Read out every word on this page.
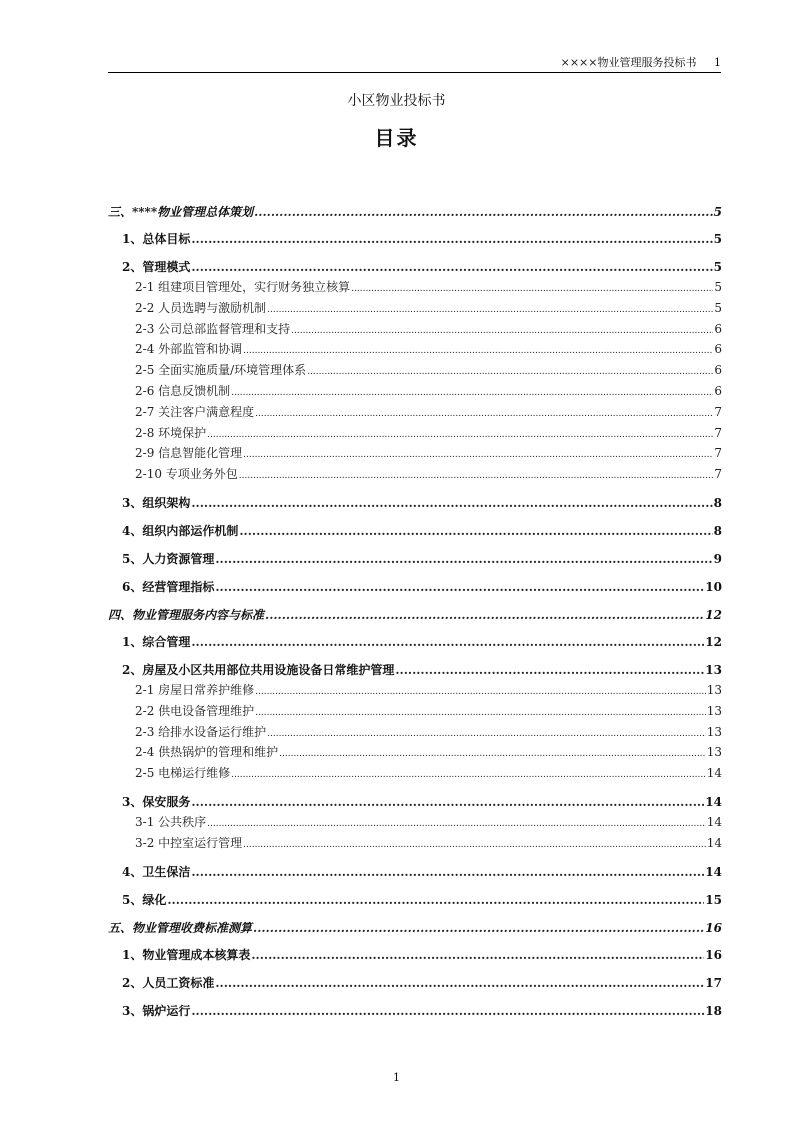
××××物业管理服务投标书 1
小区物业投标书
目录
三、****物业管理总体策划 .....	5
1、总体目标 .....	5
2、管理模式 .....	5
2-1 组建项目管理处，实行财务独立核算 .....	5
2-2 人员选聘与激励机制 .....	5
2-3 公司总部监督管理和支持 .....	6
2-4 外部监管和协调 .....	6
2-5 全面实施质量/环境管理体系 .....	6
2-6 信息反馈机制 .....	6
2-7 关注客户满意程度 .....	7
2-8 环境保护 .....	7
2-9 信息智能化管理 .....	7
2-10 专项业务外包 .....	7
3、组织架构 .....	8
4、组织内部运作机制 .....	8
5、人力资源管理 .....	9
6、经营管理指标 .....	10
四、物业管理服务内容与标准 .....	12
1、综合管理 .....	12
2、房屋及小区共用部位共用设施设备日常维护管理 .....	13
2-1 房屋日常养护维修 .....	13
2-2 供电设备管理维护 .....	13
2-3 给排水设备运行维护 .....	13
2-4 供热锅炉的管理和维护 .....	13
2-5 电梯运行维修 .....	14
3、保安服务 .....	14
3-1 公共秩序 .....	14
3-2 中控室运行管理 .....	14
4、卫生保洁 .....	14
5、绿化 .....	15
五、物业管理收费标准测算 .....	16
1、物业管理成本核算表 .....	16
2、人员工资标准 .....	17
3、锅炉运行 .....	18
1
